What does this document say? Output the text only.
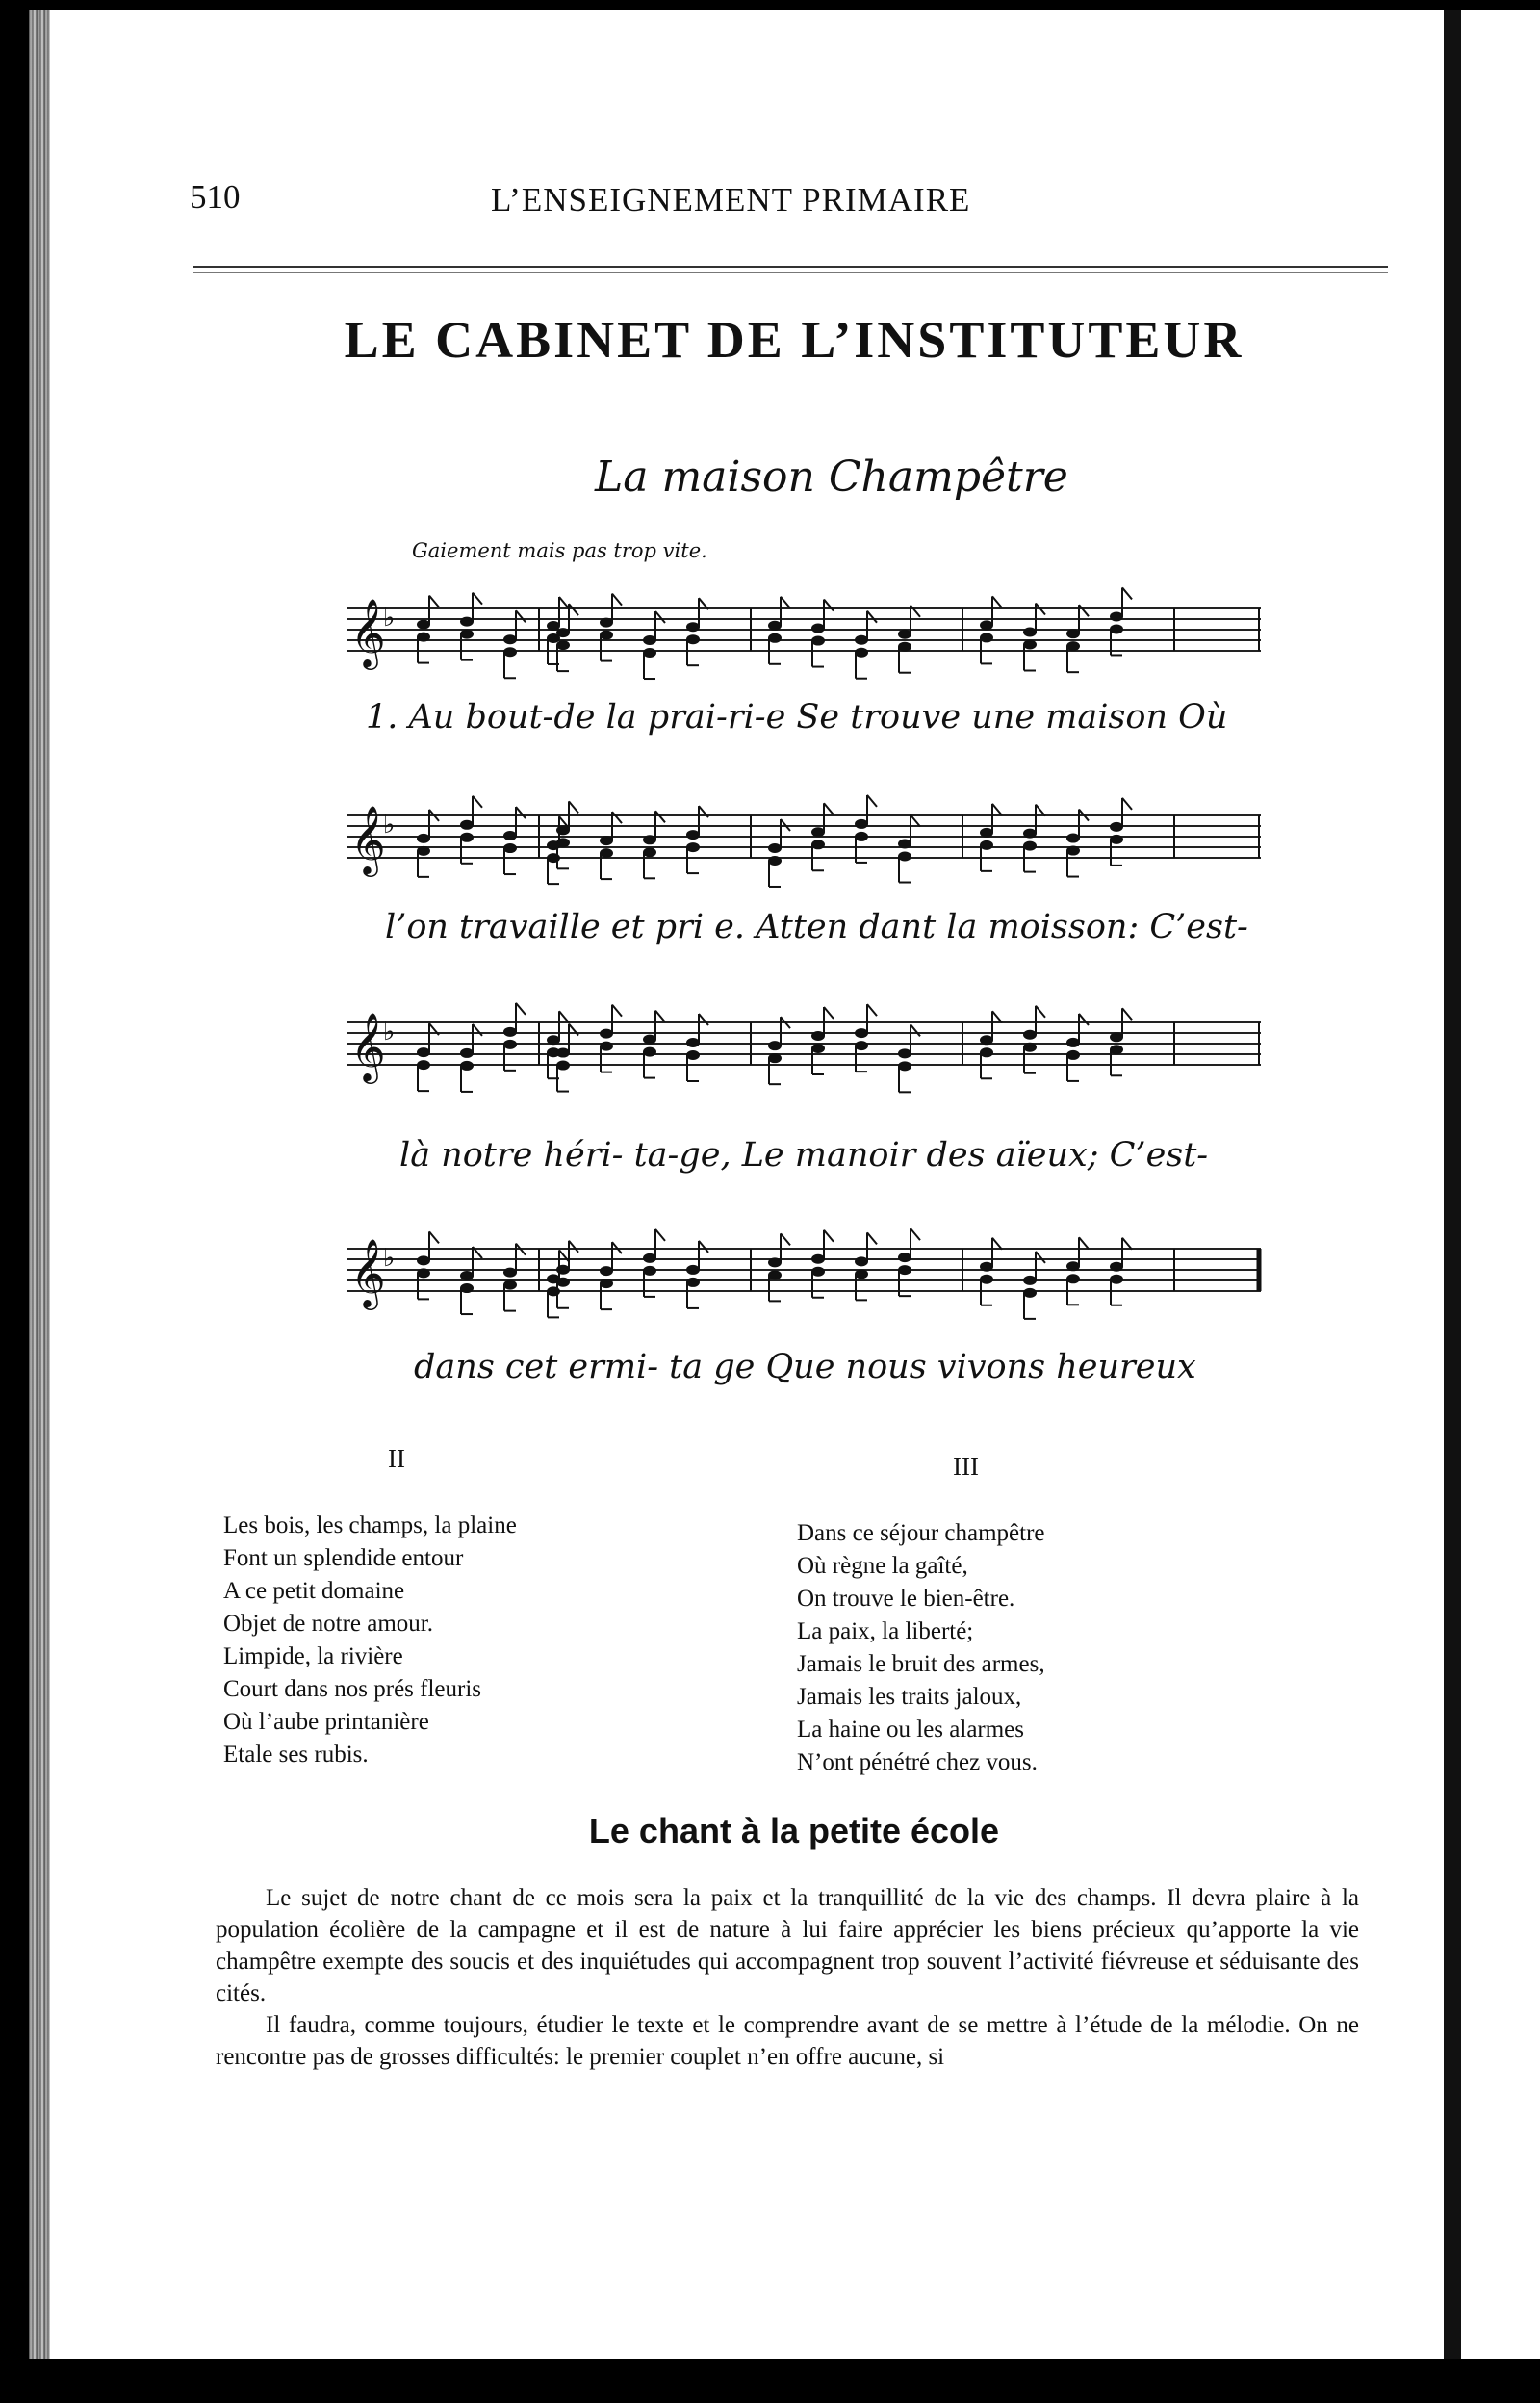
510	L’ENSEIGNEMENT PRIMAIRE
LE CABINET DE L’INSTITUTEUR
La maison Champêtre
Gaiement mais pas trop vite.
𝄞
♭
1. Au bout-de la prai-ri-e Se trouve une maison Où
𝄞
♭
l’on travaille et pri e. Atten dant la moisson: C’est-
𝄞
♭
là notre héri- ta-ge, Le manoir des aïeux; C’est-
𝄞
♭
dans cet ermi- ta ge Que nous vivons heureux
II	III
Les bois, les champs, la plaine
Font un splendide entour
A ce petit domaine
Objet de notre amour.
Limpide, la rivière
Court dans nos prés fleuris
Où l’aube printanière
Etale ses rubis.
Dans ce séjour champêtre
Où règne la gaîté,
On trouve le bien-être.
La paix, la liberté;
Jamais le bruit des armes,
Jamais les traits jaloux,
La haine ou les alarmes
N’ont pénétré chez vous.
Le chant à la petite école

Le sujet de notre chant de ce mois sera la paix et la tranquillité de la vie des champs. Il devra plaire à la population écolière de la campagne et il est de nature à lui faire apprécier les biens précieux qu’apporte la vie champêtre exempte des soucis et des inquiétudes qui accompagnent trop souvent l’activité fiévreuse et séduisante des cités.

Il faudra, comme toujours, étudier le texte et le comprendre avant de se mettre à l’étude de la mélodie. On ne rencontre pas de grosses difficultés: le premier couplet n’en offre aucune, si
